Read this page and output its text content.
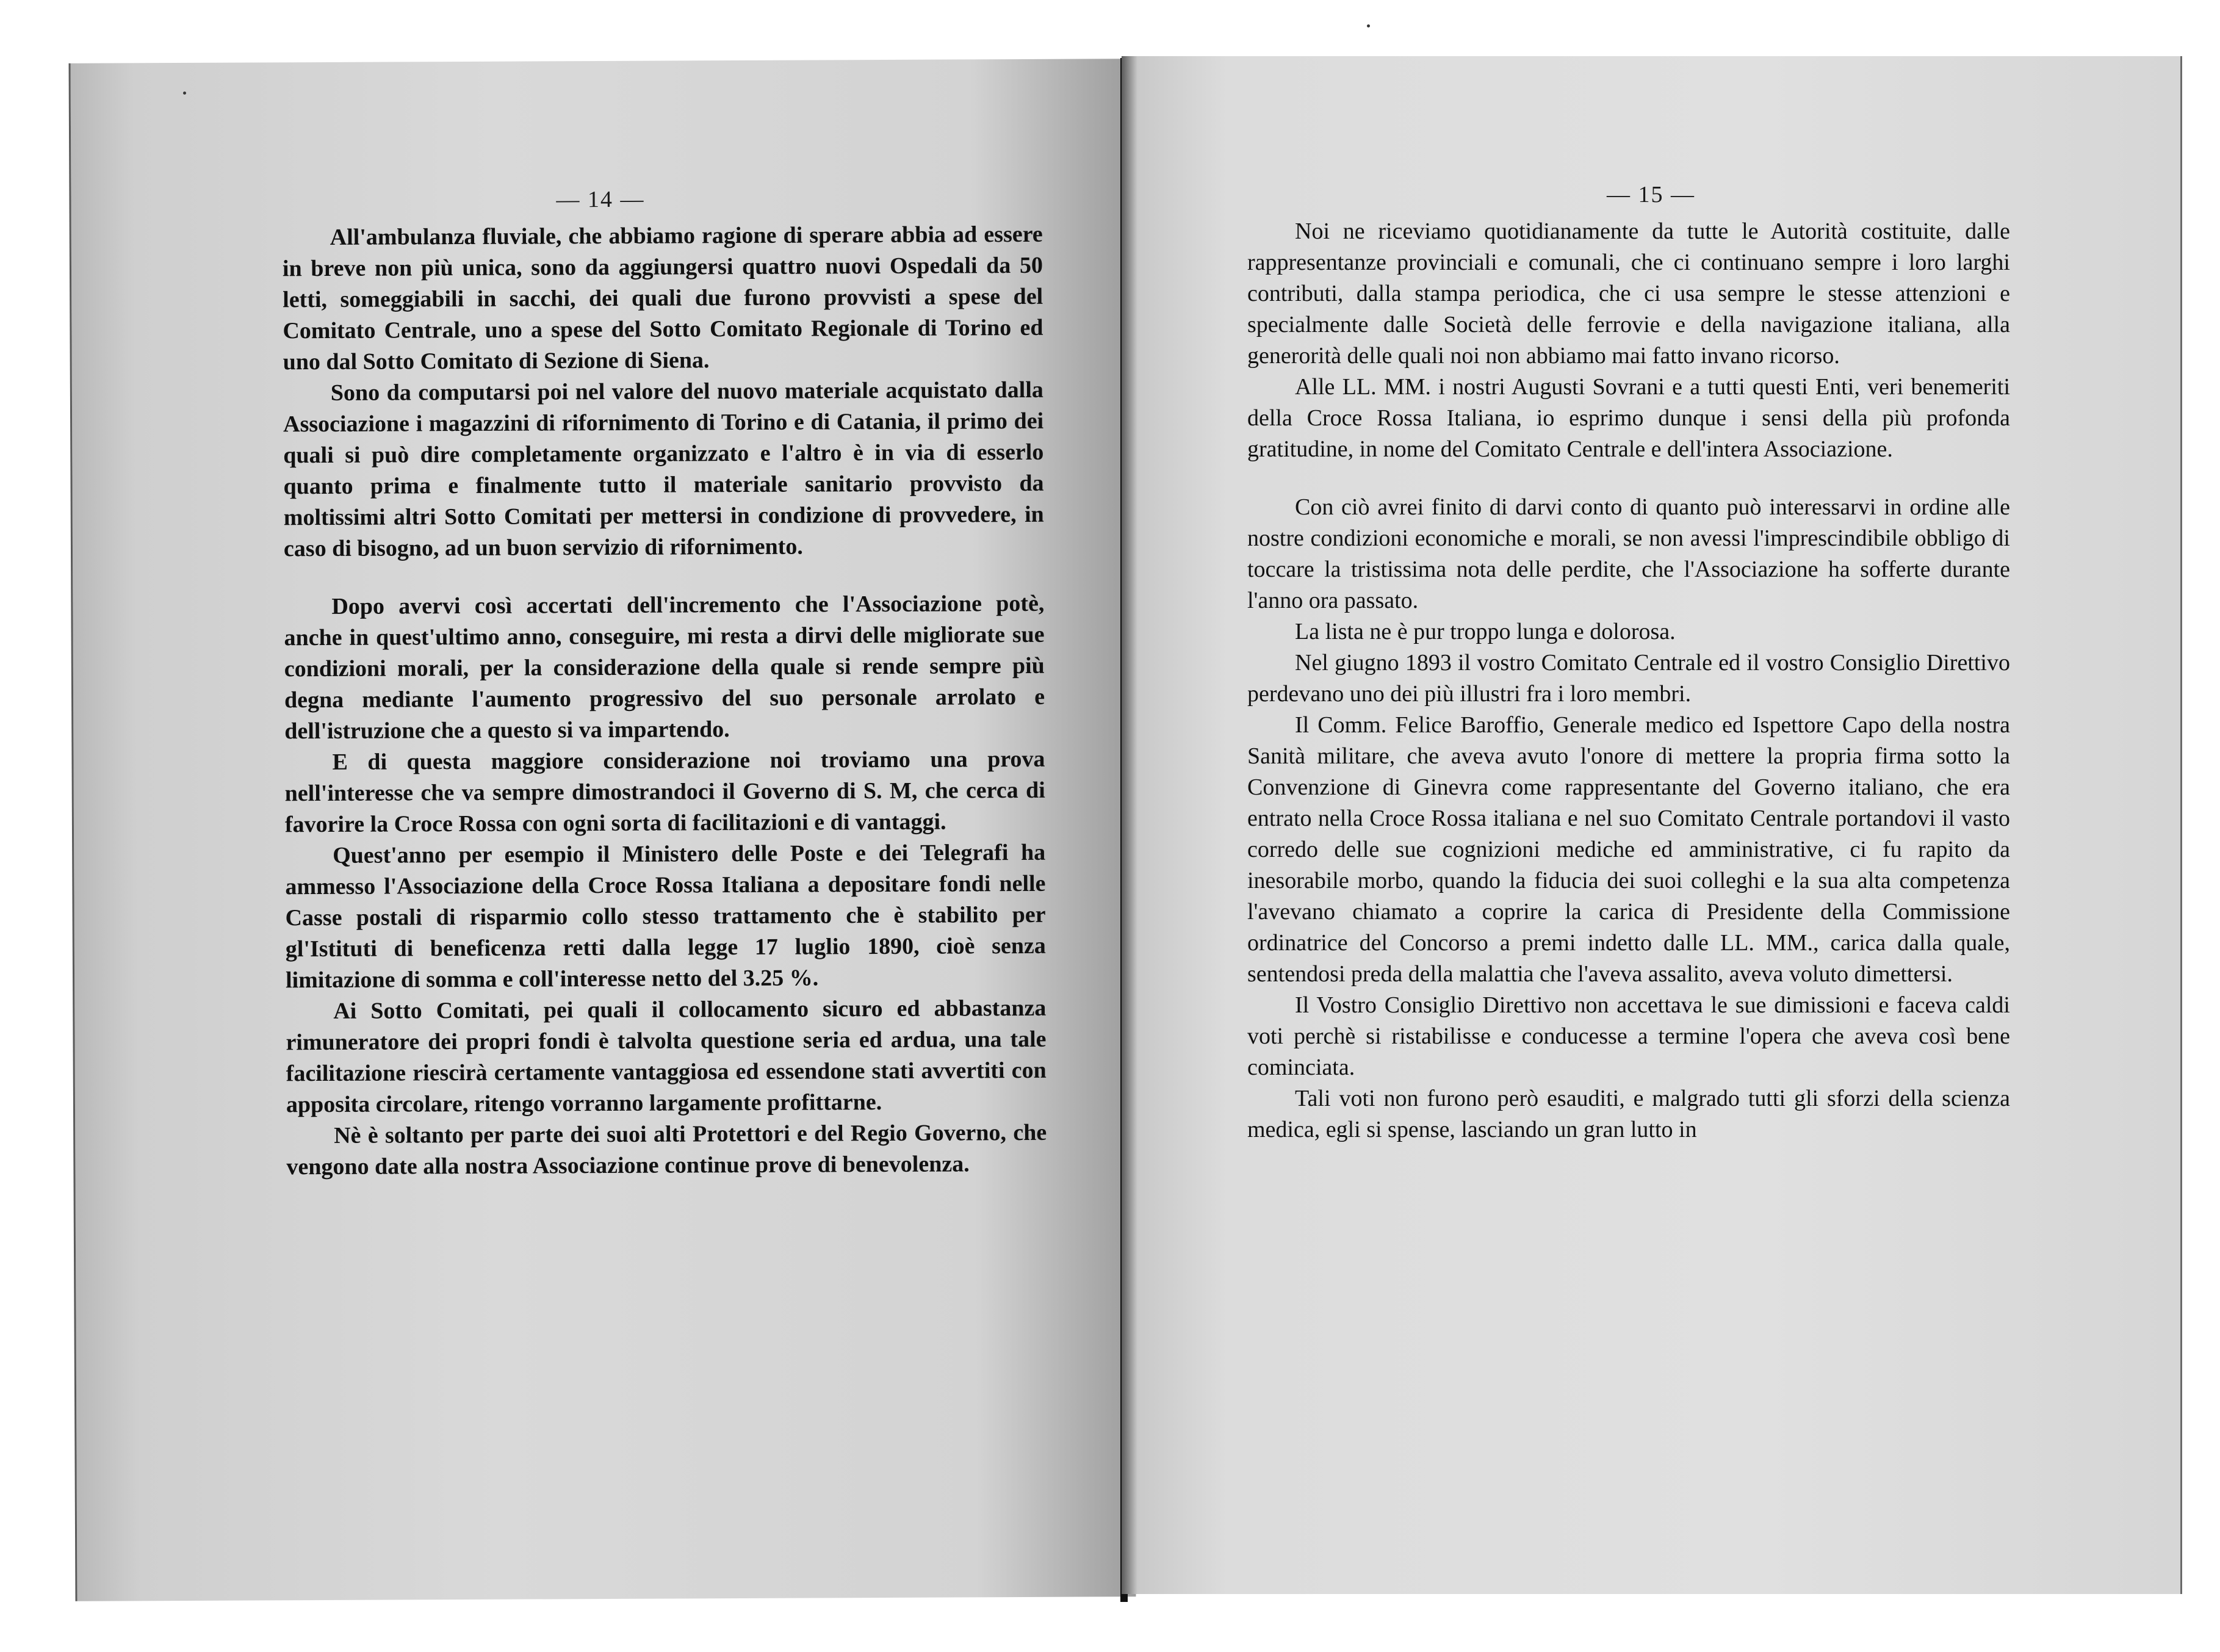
— 14 —

All'ambulanza fluviale, che abbiamo ragione di sperare abbia ad essere in breve non più unica, sono da aggiungersi quattro nuovi Ospedali da 50 letti, someggiabili in sacchi, dei quali due furono provvisti a spese del Comitato Centrale, uno a spese del Sotto Comitato Regionale di Torino ed uno dal Sotto Comitato di Sezione di Siena.

Sono da computarsi poi nel valore del nuovo materiale acquistato dalla Associazione i magazzini di rifornimento di Torino e di Catania, il primo dei quali si può dire completamente organizzato e l'altro è in via di esserlo quanto prima e finalmente tutto il materiale sanitario provvisto da moltissimi altri Sotto Comitati per mettersi in condizione di provvedere, in caso di bisogno, ad un buon servizio di rifornimento.

Dopo avervi così accertati dell'incremento che l'Associazione potè, anche in quest'ultimo anno, conseguire, mi resta a dirvi delle migliorate sue condizioni morali, per la considerazione della quale si rende sempre più degna mediante l'aumento progressivo del suo personale arrolato e dell'istruzione che a questo si va impartendo.

E di questa maggiore considerazione noi troviamo una prova nell'interesse che va sempre dimostrandoci il Governo di S. M, che cerca di favorire la Croce Rossa con ogni sorta di facilitazioni e di vantaggi.

Quest'anno per esempio il Ministero delle Poste e dei Telegrafi ha ammesso l'Associazione della Croce Rossa Italiana a depositare fondi nelle Casse postali di risparmio collo stesso trattamento che è stabilito per gl'Istituti di beneficenza retti dalla legge 17 luglio 1890, cioè senza limitazione di somma e coll'interesse netto del 3.25 %.

Ai Sotto Comitati, pei quali il collocamento sicuro ed abbastanza rimuneratore dei propri fondi è talvolta questione seria ed ardua, una tale facilitazione riescirà certamente vantaggiosa ed essendone stati avvertiti con apposita circolare, ritengo vorranno largamente profittarne.

Nè è soltanto per parte dei suoi alti Protettori e del Regio Governo, che vengono date alla nostra Associazione continue prove di benevolenza.

— 15 —

Noi ne riceviamo quotidianamente da tutte le Autorità costituite, dalle rappresentanze provinciali e comunali, che ci continuano sempre i loro larghi contributi, dalla stampa periodica, che ci usa sempre le stesse attenzioni e specialmente dalle Società delle ferrovie e della navigazione italiana, alla generorità delle quali noi non abbiamo mai fatto invano ricorso.

Alle LL. MM. i nostri Augusti Sovrani e a tutti questi Enti, veri benemeriti della Croce Rossa Italiana, io esprimo dunque i sensi della più profonda gratitudine, in nome del Comitato Centrale e dell'intera Associazione.

Con ciò avrei finito di darvi conto di quanto può interessarvi in ordine alle nostre condizioni economiche e morali, se non avessi l'imprescindibile obbligo di toccare la tristissima nota delle perdite, che l'Associazione ha sofferte durante l'anno ora passato.

La lista ne è pur troppo lunga e dolorosa.

Nel giugno 1893 il vostro Comitato Centrale ed il vostro Consiglio Direttivo perdevano uno dei più illustri fra i loro membri.

Il Comm. Felice Baroffio, Generale medico ed Ispettore Capo della nostra Sanità militare, che aveva avuto l'onore di mettere la propria firma sotto la Convenzione di Ginevra come rappresentante del Governo italiano, che era entrato nella Croce Rossa italiana e nel suo Comitato Centrale portandovi il vasto corredo delle sue cognizioni mediche ed amministrative, ci fu rapito da inesorabile morbo, quando la fiducia dei suoi colleghi e la sua alta competenza l'avevano chiamato a coprire la carica di Presidente della Commissione ordinatrice del Concorso a premi indetto dalle LL. MM., carica dalla quale, sentendosi preda della malattia che l'aveva assalito, aveva voluto dimettersi.

Il Vostro Consiglio Direttivo non accettava le sue dimissioni e faceva caldi voti perchè si ristabilisse e conducesse a termine l'opera che aveva così bene cominciata.

Tali voti non furono però esauditi, e malgrado tutti gli sforzi della scienza medica, egli si spense, lasciando un gran lutto in
